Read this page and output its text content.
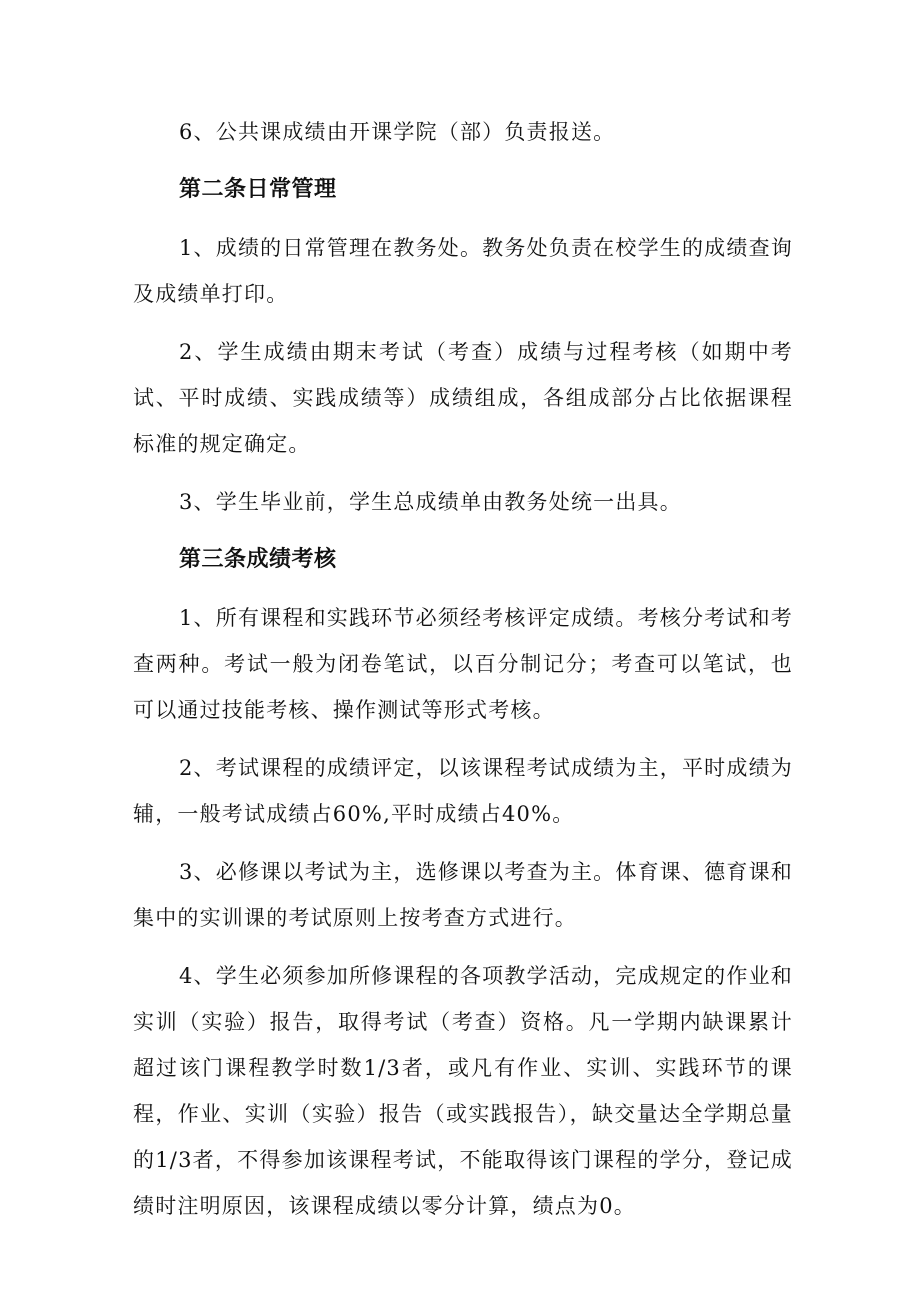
6、公共课成绩由开课学院（部）负责报送。

第二条日常管理

1、成绩的日常管理在教务处。教务处负责在校学生的成绩查询及成绩单打印。

2、学生成绩由期末考试（考查）成绩与过程考核（如期中考试、平时成绩、实践成绩等）成绩组成，各组成部分占比依据课程标准的规定确定。

3、学生毕业前，学生总成绩单由教务处统一出具。

第三条成绩考核

1、所有课程和实践环节必须经考核评定成绩。考核分考试和考查两种。考试一般为闭卷笔试，以百分制记分；考查可以笔试，也可以通过技能考核、操作测试等形式考核。

2、考试课程的成绩评定，以该课程考试成绩为主，平时成绩为辅，一般考试成绩占60%,平时成绩占40%。

3、必修课以考试为主，选修课以考查为主。体育课、德育课和集中的实训课的考试原则上按考查方式进行。

4、学生必须参加所修课程的各项教学活动，完成规定的作业和实训（实验）报告，取得考试（考查）资格。凡一学期内缺课累计超过该门课程教学时数1/3者，或凡有作业、实训、实践环节的课程，作业、实训（实验）报告（或实践报告），缺交量达全学期总量的1/3者，不得参加该课程考试，不能取得该门课程的学分，登记成绩时注明原因，该课程成绩以零分计算，绩点为0。
